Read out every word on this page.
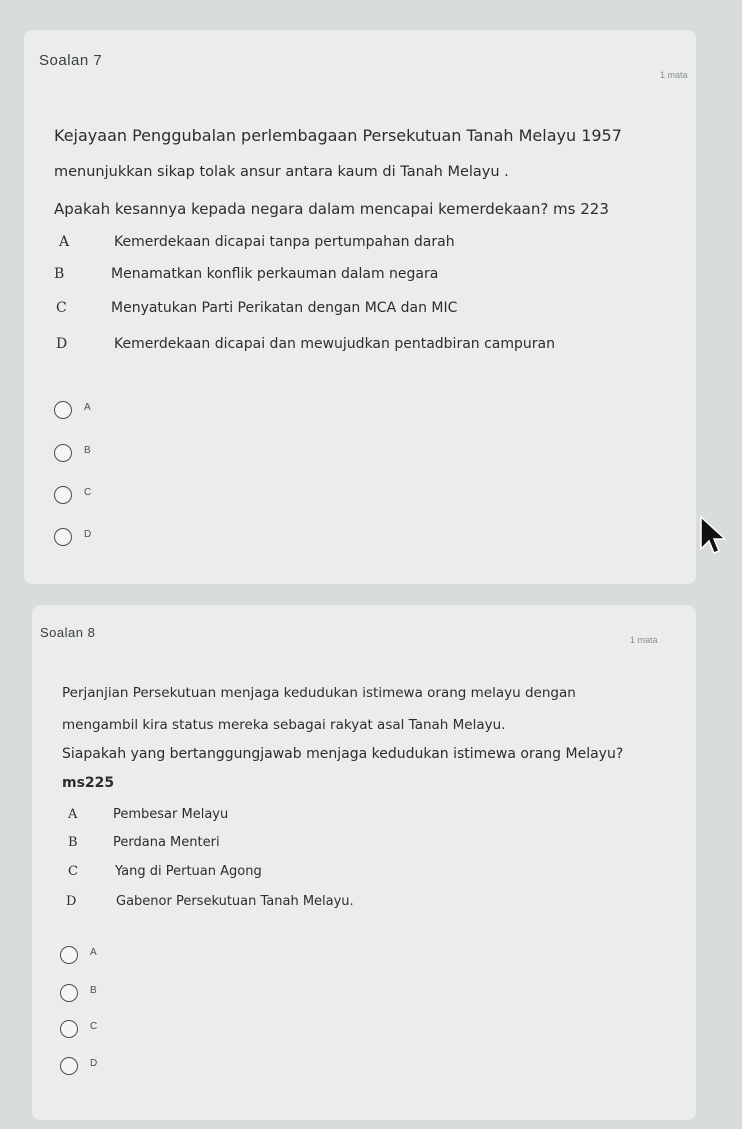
Soalan 7
1 mata
Kejayaan Penggubalan perlembagaan Persekutuan Tanah Melayu 1957
menunjukkan sikap tolak ansur antara kaum di Tanah Melayu .
Apakah kesannya kepada negara dalam mencapai kemerdekaan? ms 223
A	Kemerdekaan dicapai tanpa pertumpahan darah
B	Menamatkan konflik perkauman dalam negara
C	Menyatukan Parti Perikatan dengan MCA dan MIC
D	Kemerdekaan dicapai dan mewujudkan pentadbiran campuran
A
B
C
D
Soalan 8	1 mata
Perjanjian Persekutuan menjaga kedudukan istimewa orang melayu dengan
mengambil kira status mereka sebagai rakyat asal Tanah Melayu.
Siapakah yang bertanggungjawab menjaga kedudukan istimewa orang Melayu?
ms225
A	Pembesar Melayu
B	Perdana Menteri
C	Yang di Pertuan Agong
D	Gabenor Persekutuan Tanah Melayu.
A
B
C
D
